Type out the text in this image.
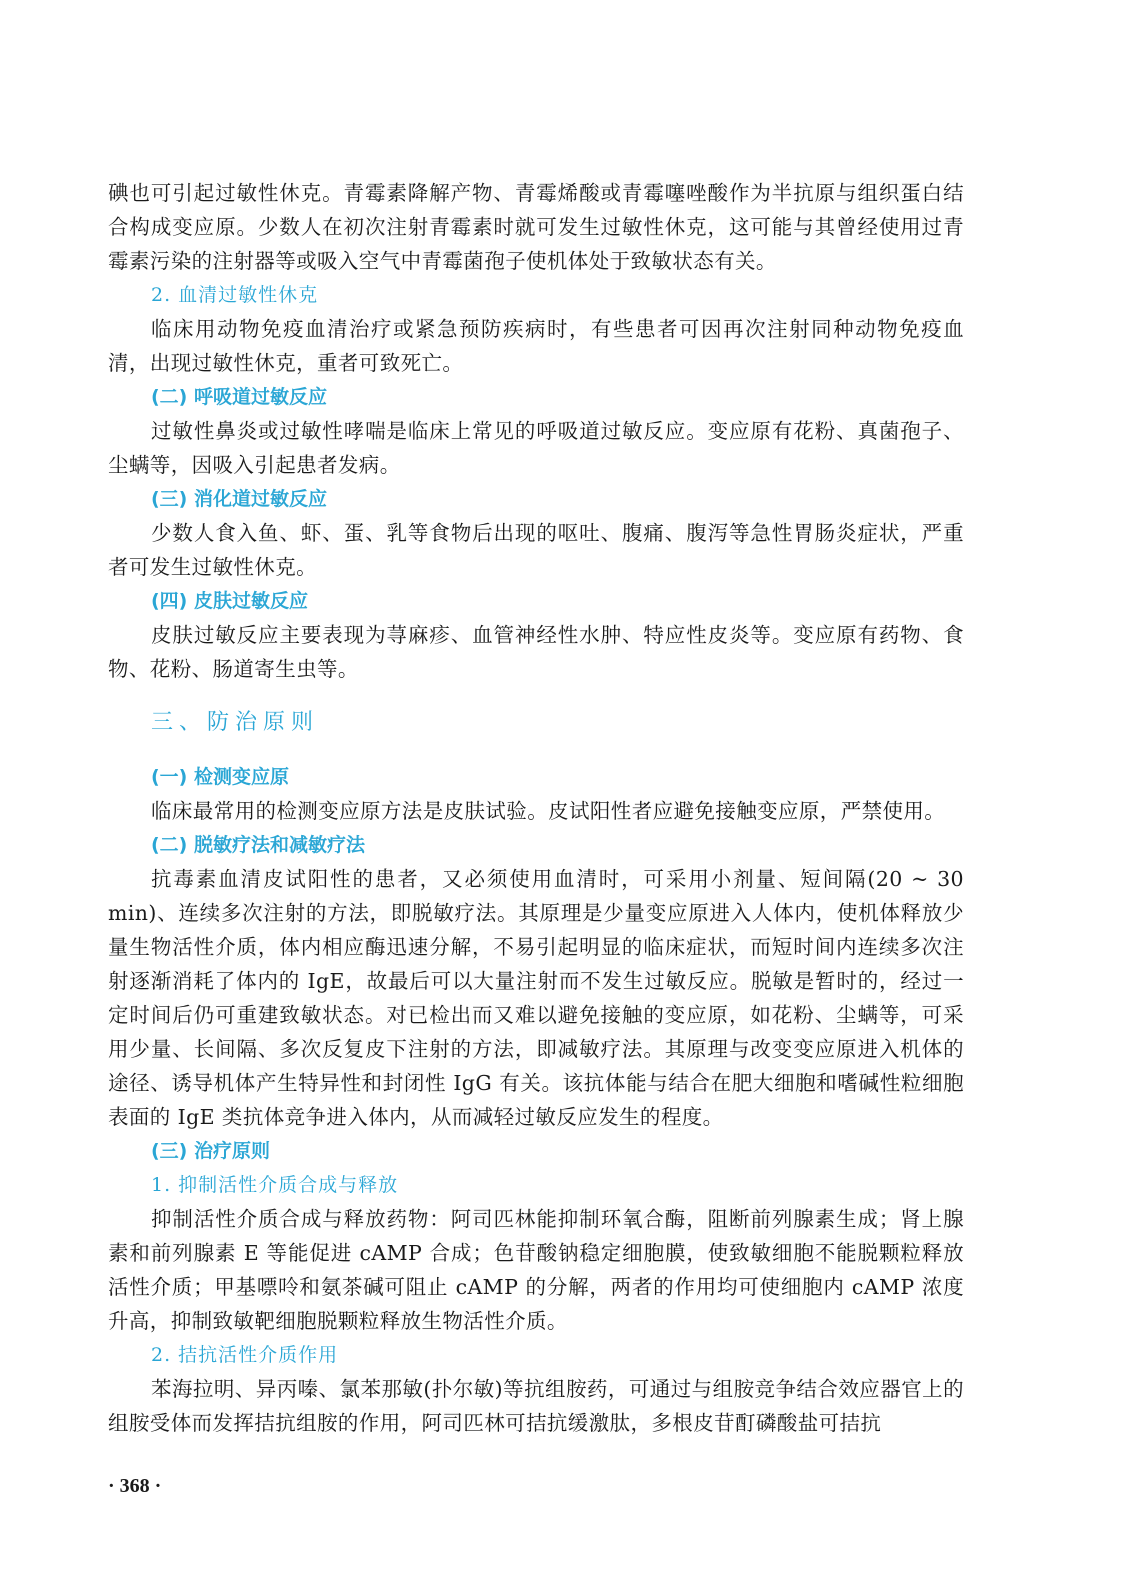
碘也可引起过敏性休克。青霉素降解产物、青霉烯酸或青霉噻唑酸作为半抗原与组织蛋白结合构成变应原。少数人在初次注射青霉素时就可发生过敏性休克，这可能与其曾经使用过青霉素污染的注射器等或吸入空气中青霉菌孢子使机体处于致敏状态有关。

2. 血清过敏性休克

临床用动物免疫血清治疗或紧急预防疾病时，有些患者可因再次注射同种动物免疫血清，出现过敏性休克，重者可致死亡。

(二) 呼吸道过敏反应

过敏性鼻炎或过敏性哮喘是临床上常见的呼吸道过敏反应。变应原有花粉、真菌孢子、尘螨等，因吸入引起患者发病。

(三) 消化道过敏反应

少数人食入鱼、虾、蛋、乳等食物后出现的呕吐、腹痛、腹泻等急性胃肠炎症状，严重者可发生过敏性休克。

(四) 皮肤过敏反应

皮肤过敏反应主要表现为荨麻疹、血管神经性水肿、特应性皮炎等。变应原有药物、食物、花粉、肠道寄生虫等。

三、防治原则
(一) 检测变应原

临床最常用的检测变应原方法是皮肤试验。皮试阳性者应避免接触变应原，严禁使用。

(二) 脱敏疗法和减敏疗法

抗毒素血清皮试阳性的患者，又必须使用血清时，可采用小剂量、短间隔(20 ~ 30 min)、连续多次注射的方法，即脱敏疗法。其原理是少量变应原进入人体内，使机体释放少量生物活性介质，体内相应酶迅速分解，不易引起明显的临床症状，而短时间内连续多次注射逐渐消耗了体内的 IgE，故最后可以大量注射而不发生过敏反应。脱敏是暂时的，经过一定时间后仍可重建致敏状态。对已检出而又难以避免接触的变应原，如花粉、尘螨等，可采用少量、长间隔、多次反复皮下注射的方法，即减敏疗法。其原理与改变变应原进入机体的途径、诱导机体产生特异性和封闭性 IgG 有关。该抗体能与结合在肥大细胞和嗜碱性粒细胞表面的 IgE 类抗体竞争进入体内，从而减轻过敏反应发生的程度。

(三) 治疗原则
1. 抑制活性介质合成与释放

抑制活性介质合成与释放药物：阿司匹林能抑制环氧合酶，阻断前列腺素生成；肾上腺素和前列腺素 E 等能促进 cAMP 合成；色苷酸钠稳定细胞膜，使致敏细胞不能脱颗粒释放活性介质；甲基嘌呤和氨茶碱可阻止 cAMP 的分解，两者的作用均可使细胞内 cAMP 浓度升高，抑制致敏靶细胞脱颗粒释放生物活性介质。

2. 拮抗活性介质作用

苯海拉明、异丙嗪、氯苯那敏(扑尔敏)等抗组胺药，可通过与组胺竞争结合效应器官上的组胺受体而发挥拮抗组胺的作用，阿司匹林可拮抗缓激肽，多根皮苷酊磷酸盐可拮抗

· 368 ·
